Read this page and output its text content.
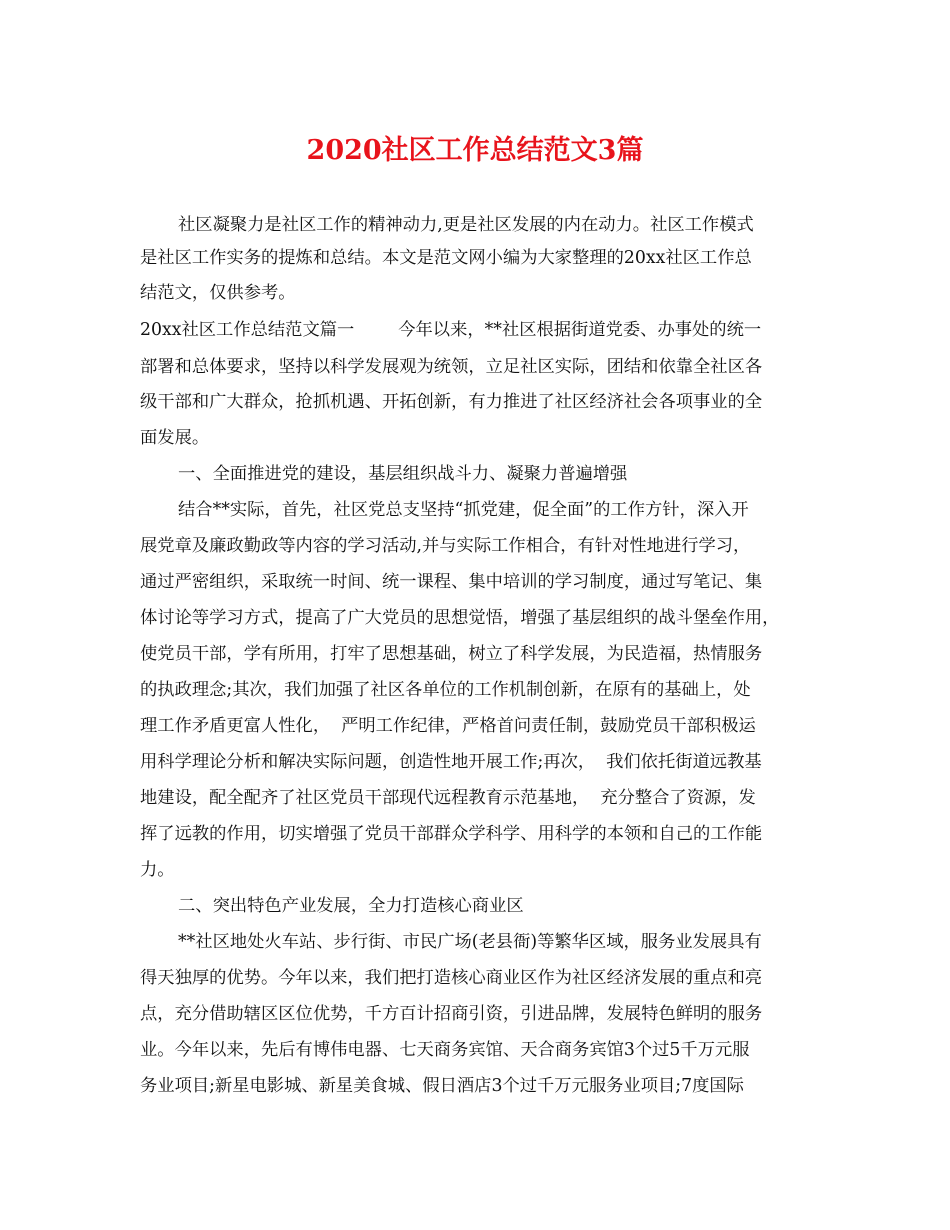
2020社区工作总结范文3篇

社区凝聚力是社区工作的精神动力,更是社区发展的内在动力。社区工作模式

是社区工作实务的提炼和总结。本文是范文网小编为大家整理的20xx社区工作总

结范文，仅供参考。

20xx社区工作总结范文篇一        今年以来，**社区根据街道党委、办事处的统一

部署和总体要求，坚持以科学发展观为统领，立足社区实际，团结和依靠全社区各

级干部和广大群众，抢抓机遇、开拓创新，有力推进了社区经济社会各项事业的全

面发展。

一、全面推进党的建设，基层组织战斗力、凝聚力普遍增强

结合**实际，首先，社区党总支坚持“抓党建，促全面”的工作方针，深入开

展党章及廉政勤政等内容的学习活动,并与实际工作相合，有针对性地进行学习，

通过严密组织，采取统一时间、统一课程、集中培训的学习制度，通过写笔记、集

体讨论等学习方式，提高了广大党员的思想觉悟，增强了基层组织的战斗堡垒作用，

使党员干部，学有所用，打牢了思想基础，树立了科学发展，为民造福，热情服务

的执政理念;其次，我们加强了社区各单位的工作机制创新，在原有的基础上，处

理工作矛盾更富人性化，  严明工作纪律，严格首问责任制，鼓励党员干部积极运

用科学理论分析和解决实际问题，创造性地开展工作;再次，  我们依托街道远教基

地建设，配全配齐了社区党员干部现代远程教育示范基地，  充分整合了资源，发

挥了远教的作用，切实增强了党员干部群众学科学、用科学的本领和自己的工作能

力。

二、突出特色产业发展，全力打造核心商业区

**社区地处火车站、步行街、市民广场(老县衙)等繁华区域，服务业发展具有

得天独厚的优势。今年以来，我们把打造核心商业区作为社区经济发展的重点和亮

点，充分借助辖区区位优势，千方百计招商引资，引进品牌，发展特色鲜明的服务

业。今年以来，先后有博伟电器、七天商务宾馆、天合商务宾馆3个过5千万元服

务业项目;新星电影城、新星美食城、假日酒店3个过千万元服务业项目;7度国际
